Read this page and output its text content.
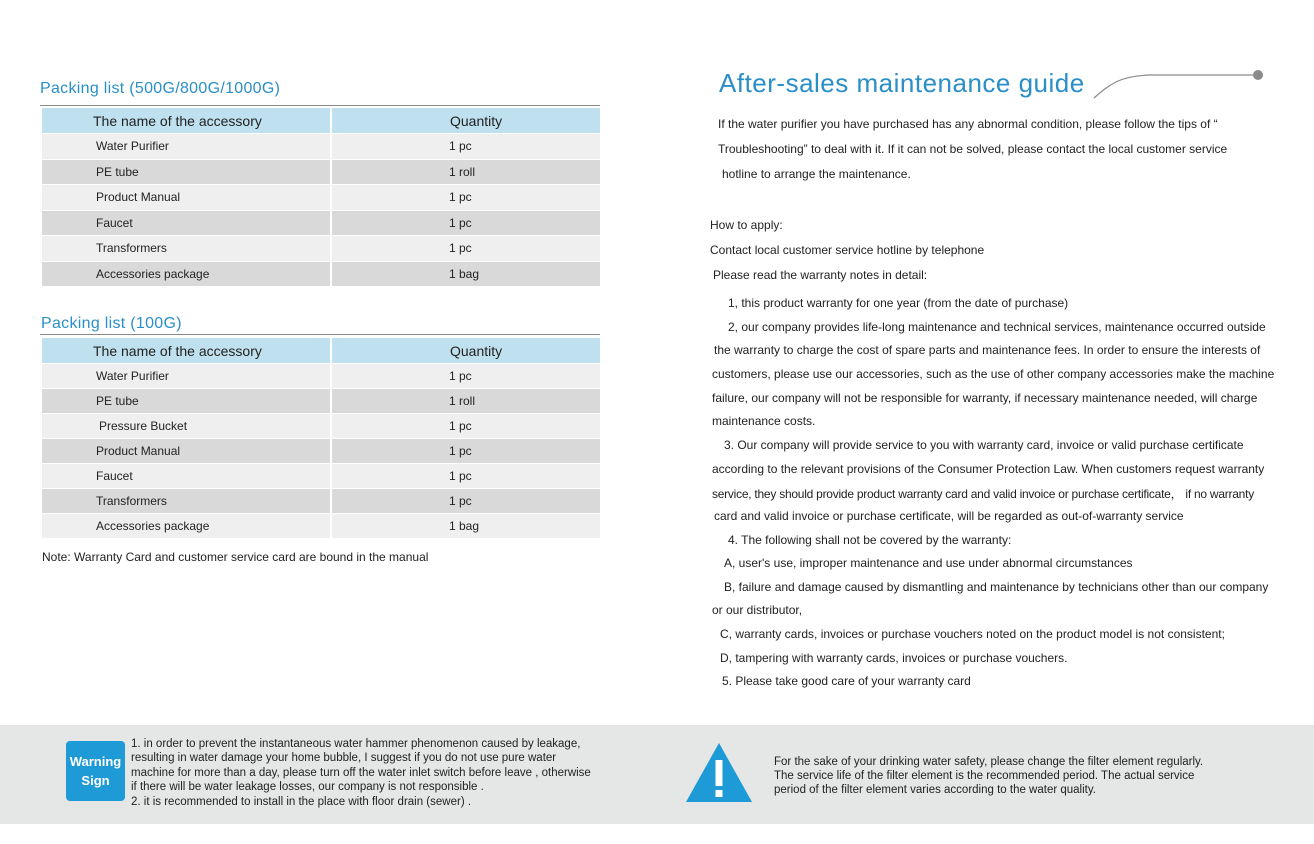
Packing list (500G/800G/1000G)
The name of the accessory	Quantity
Water Purifier	1 pc
PE tube	1 roll
Product Manual	1 pc
Faucet	1 pc
Transformers	1 pc
Accessories package	1 bag
Packing list (100G)
The name of the accessory	Quantity
Water Purifier	1 pc
PE tube	1 roll
Pressure Bucket	1 pc
Product Manual	1 pc
Faucet	1 pc
Transformers	1 pc
Accessories package	1 bag
Note: Warranty Card and customer service card are bound in the manual
After-sales maintenance guide
If the water purifier you have purchased has any abnormal condition, please follow the tips of “
Troubleshooting” to deal with it. If it can not be solved, please contact the local customer service
hotline to arrange the maintenance.
How to apply:
Contact local customer service hotline by telephone
Please read the warranty notes in detail:
1, this product warranty for one year (from the date of purchase)
2, our company provides life-long maintenance and technical services, maintenance occurred outside
the warranty to charge the cost of spare parts and maintenance fees. In order to ensure the interests of
customers, please use our accessories, such as the use of other company accessories make the machine
failure, our company will not be responsible for warranty, if necessary maintenance needed, will charge
maintenance costs.
3. Our company will provide service to you with warranty card, invoice or valid purchase certificate
according to the relevant provisions of the Consumer Protection Law. When customers request warranty
service, they should provide product warranty card and valid invoice or purchase certificate， if no warranty
card and valid invoice or purchase certificate, will be regarded as out-of-warranty service
4. The following shall not be covered by the warranty:
A, user's use, improper maintenance and use under abnormal circumstances
B, failure and damage caused by dismantling and maintenance by technicians other than our company
or our distributor,
C, warranty cards, invoices or purchase vouchers noted on the product model is not consistent;
D, tampering with warranty cards, invoices or purchase vouchers.
5. Please take good care of your warranty card
Warning
Sign
1. in order to prevent the instantaneous water hammer phenomenon caused by leakage,
resulting in water damage your home bubble, I suggest if you do not use pure water
machine for more than a day, please turn off the water inlet switch before leave , otherwise
if there will be water leakage losses, our company is not responsible .
2. it is recommended to install in the place with floor drain (sewer) .
For the sake of your drinking water safety, please change the filter element regularly.
The service life of the filter element is the recommended period. The actual service
period of the filter element varies according to the water quality.
